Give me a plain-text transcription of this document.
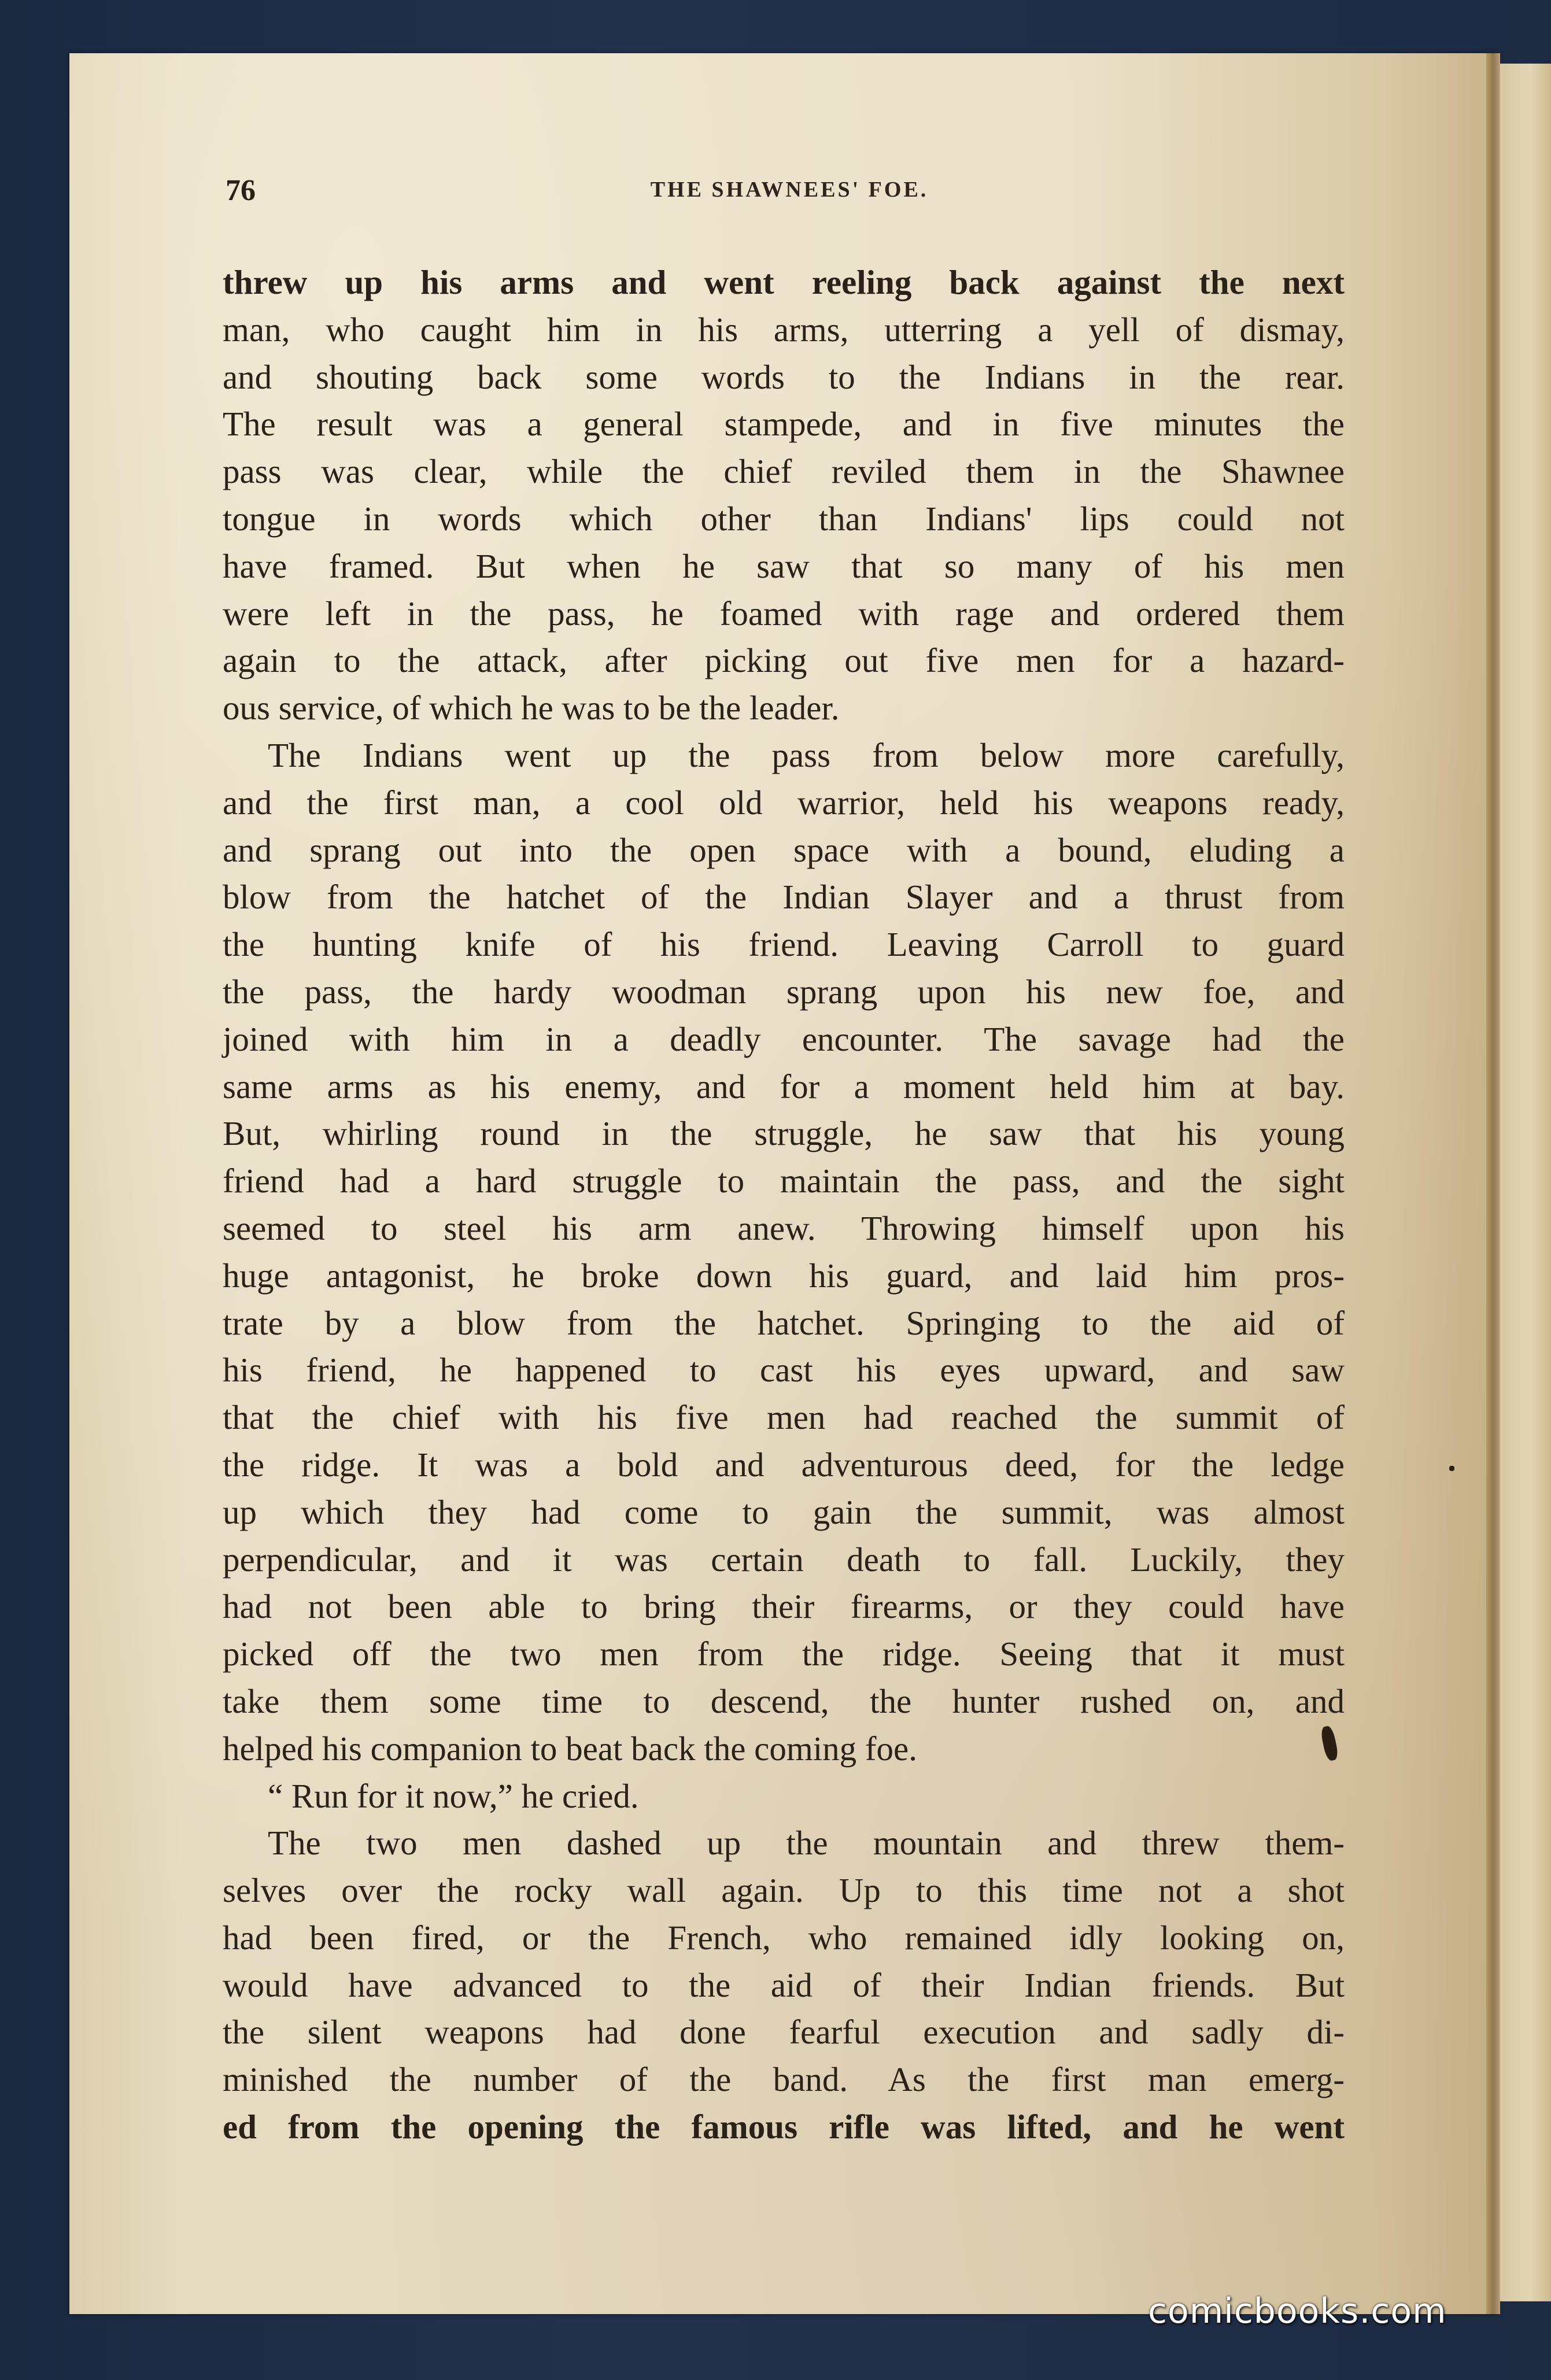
76	THE SHAWNEES' FOE.
threw up his arms and went reeling back against the next
man, who caught him in his arms, utterring a yell of dismay,
and shouting back some words to the Indians in the rear.
The result was a general stampede, and in five minutes the
pass was clear, while the chief reviled them in the Shawnee
tongue in words which other than Indians' lips could not
have framed. But when he saw that so many of his men
were left in the pass, he foamed with rage and ordered them
again to the attack, after picking out five men for a hazard-
ous service, of which he was to be the leader.
The Indians went up the pass from below more carefully,
and the first man, a cool old warrior, held his weapons ready,
and sprang out into the open space with a bound, eluding a
blow from the hatchet of the Indian Slayer and a thrust from
the hunting knife of his friend. Leaving Carroll to guard
the pass, the hardy woodman sprang upon his new foe, and
joined with him in a deadly encounter. The savage had the
same arms as his enemy, and for a moment held him at bay.
But, whirling round in the struggle, he saw that his young
friend had a hard struggle to maintain the pass, and the sight
seemed to steel his arm anew. Throwing himself upon his
huge antagonist, he broke down his guard, and laid him pros-
trate by a blow from the hatchet. Springing to the aid of
his friend, he happened to cast his eyes upward, and saw
that the chief with his five men had reached the summit of
the ridge. It was a bold and adventurous deed, for the ledge
up which they had come to gain the summit, was almost
perpendicular, and it was certain death to fall. Luckily, they
had not been able to bring their firearms, or they could have
picked off the two men from the ridge. Seeing that it must
take them some time to descend, the hunter rushed on, and
helped his companion to beat back the coming foe.
“ Run for it now,” he cried.
The two men dashed up the mountain and threw them-
selves over the rocky wall again. Up to this time not a shot
had been fired, or the French, who remained idly looking on,
would have advanced to the aid of their Indian friends. But
the silent weapons had done fearful execution and sadly di-
minished the number of the band. As the first man emerg-
ed from the opening the famous rifle was lifted, and he went
comicbooks.com
